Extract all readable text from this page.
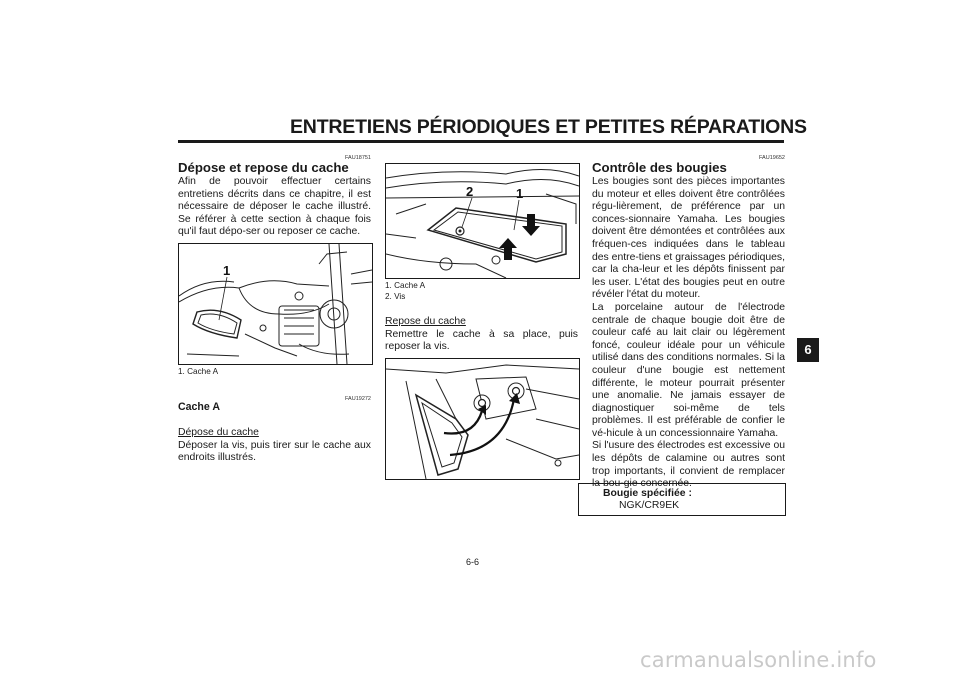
ENTRETIENS PÉRIODIQUES ET PETITES RÉPARATIONS
FAU18751
Dépose et repose du cache

Afin de pouvoir effectuer certains entretiens décrits dans ce chapitre, il est nécessaire de déposer le cache illustré. Se référer à cette section à chaque fois qu'il faut dépo-ser ou reposer ce cache.

1

1. Cache A

FAU19272
Cache A

Dépose du cache

Déposer la vis, puis tirer sur le cache aux endroits illustrés.

2	1

1. Cache A

2. Vis

Repose du cache

Remettre le cache à sa place, puis reposer la vis.

FAU19652
Contrôle des bougies

Les bougies sont des pièces importantes du moteur et elles doivent être contrôlées régu-lièrement, de préférence par un conces-sionnaire Yamaha. Les bougies doivent être démontées et contrôlées aux fréquen-ces indiquées dans le tableau des entre-tiens et graissages périodiques, car la cha-leur et les dépôts finissent par les user. L'état des bougies peut en outre révéler l'état du moteur.

La porcelaine autour de l'électrode centrale de chaque bougie doit être de couleur café au lait clair ou légèrement foncé, couleur idéale pour un véhicule utilisé dans des conditions normales. Si la couleur d'une bougie est nettement différente, le moteur pourrait présenter une anomalie. Ne jamais essayer de diagnostiquer soi-même de tels problèmes. Il est préférable de confier le vé-hicule à un concessionnaire Yamaha.

Si l'usure des électrodes est excessive ou les dépôts de calamine ou autres sont trop importants, il convient de remplacer la bou-gie concernée.

Bougie spécifiée :
NGK/CR9EK
6
6-6
carmanualsonline.info
